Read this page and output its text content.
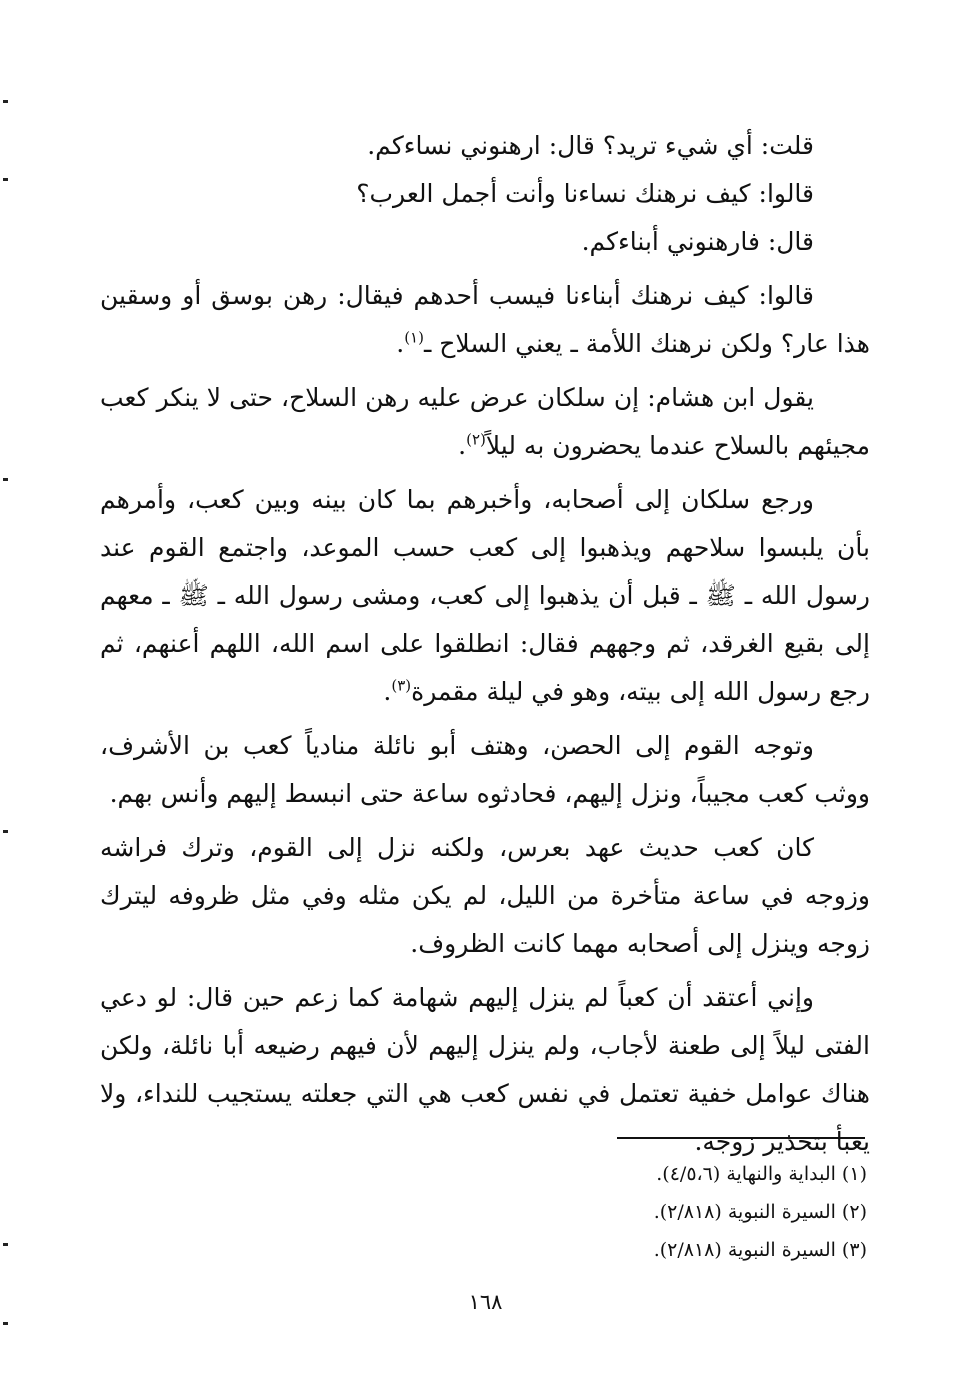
قلت: أي شيء تريد؟ قال: ارهنوني نساءكم.

قالوا: كيف نرهنك نساءنا وأنت أجمل العرب؟

قال: فارهنوني أبناءكم.

قالوا: كيف نرهنك أبناءنا فيسب أحدهم فيقال: رهن بوسق أو وسقين هذا عار؟ ولكن نرهنك اللأمة ـ يعني السلاح ـ$^{(١)}$.

يقول ابن هشام: إن سلكان عرض عليه رهن السلاح، حتى لا ينكر كعب مجيئهم بالسلاح عندما يحضرون به ليلاً$^{(٢)}$.

ورجع سلكان إلى أصحابه، وأخبرهم بما كان بينه وبين كعب، وأمرهم بأن يلبسوا سلاحهم ويذهبوا إلى كعب حسب الموعد، واجتمع القوم عند رسول الله ـ ﷺ ـ قبل أن يذهبوا إلى كعب، ومشى رسول الله ـ ﷺ ـ معهم إلى بقيع الغرقد، ثم وجههم فقال: انطلقوا على اسم الله، اللهم أعنهم، ثم رجع رسول الله إلى بيته، وهو في ليلة مقمرة$^{(٣)}$.

وتوجه القوم إلى الحصن، وهتف أبو نائلة منادياً كعب بن الأشرف، ووثب كعب مجيباً، ونزل إليهم، فحادثوه ساعة حتى انبسط إليهم وأنس بهم.

كان كعب حديث عهد بعرس، ولكنه نزل إلى القوم، وترك فراشه وزوجه في ساعة متأخرة من الليل، لم يكن مثله وفي مثل ظروفه ليترك زوجه وينزل إلى أصحابه مهما كانت الظروف.

وإني أعتقد أن كعباً لم ينزل إليهم شهامة كما زعم حين قال: لو دعي الفتى ليلاً إلى طعنة لأجاب، ولم ينزل إليهم لأن فيهم رضيعه أبا نائلة، ولكن هناك عوامل خفية تعتمل في نفس كعب هي التي جعلته يستجيب للنداء، ولا يعبأ بتحذير زوجه.

(١) البداية والنهاية (٤/٥،٦).

(٢) السيرة النبوية (٢/٨١٨).

(٣) السيرة النبوية (٢/٨١٨).

١٦٨
